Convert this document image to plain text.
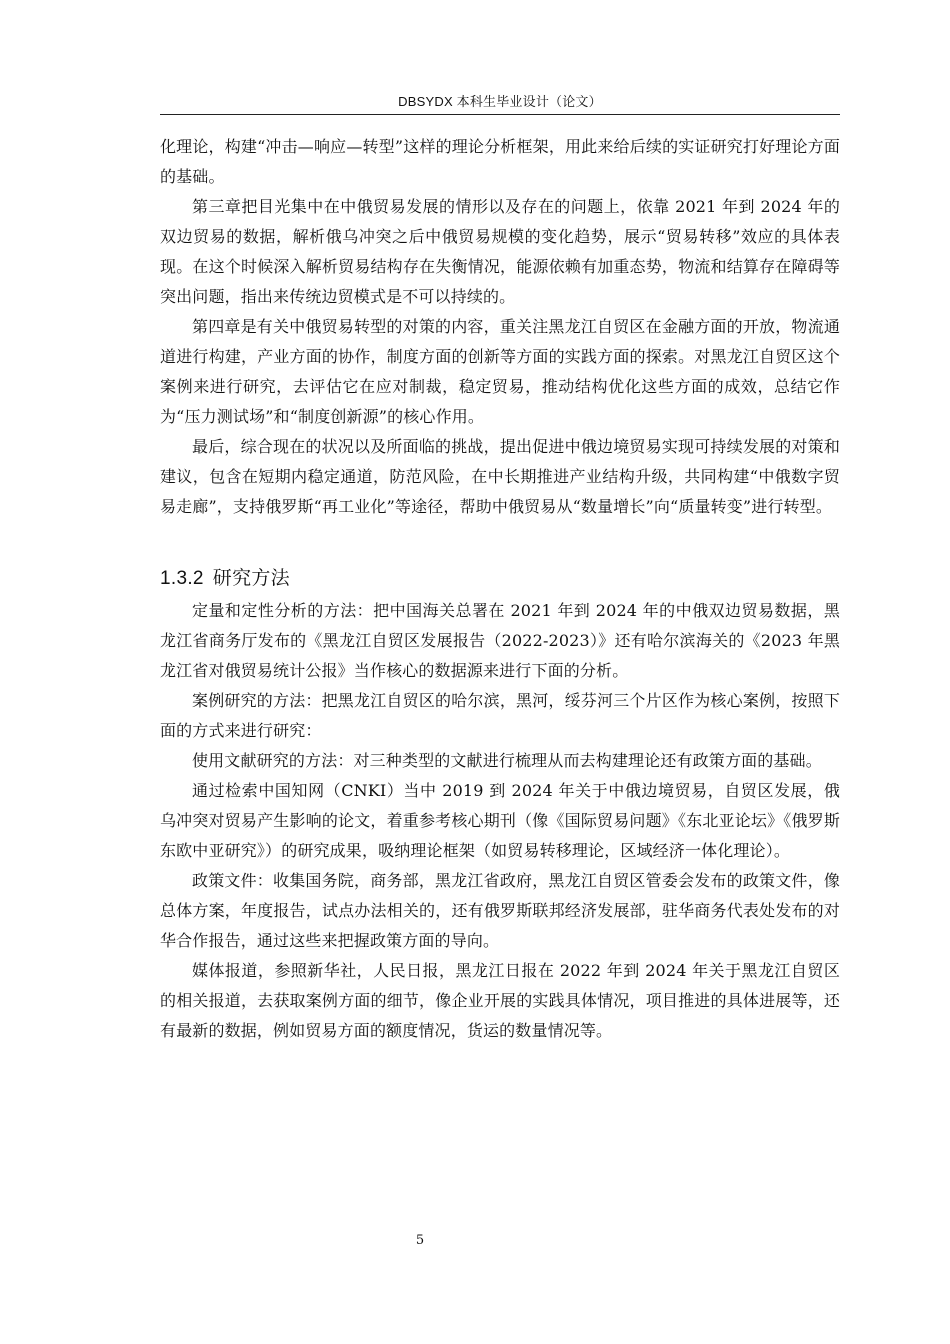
DBSYDX 本科生毕业设计（论文）

化理论，构建“冲击—响应—转型”这样的理论分析框架，用此来给后续的实证研究打好理论方面的基础。

第三章把目光集中在中俄贸易发展的情形以及存在的问题上，依靠 2021 年到 2024 年的双边贸易的数据，解析俄乌冲突之后中俄贸易规模的变化趋势，展示“贸易转移”效应的具体表现。在这个时候深入解析贸易结构存在失衡情况，能源依赖有加重态势，物流和结算存在障碍等突出问题，指出来传统边贸模式是不可以持续的。

第四章是有关中俄贸易转型的对策的内容，重关注黑龙江自贸区在金融方面的开放，物流通道进行构建，产业方面的协作，制度方面的创新等方面的实践方面的探索。对黑龙江自贸区这个案例来进行研究，去评估它在应对制裁，稳定贸易，推动结构优化这些方面的成效，总结它作为“压力测试场”和“制度创新源”的核心作用。

最后，综合现在的状况以及所面临的挑战，提出促进中俄边境贸易实现可持续发展的对策和建议，包含在短期内稳定通道，防范风险，在中长期推进产业结构升级，共同构建“中俄数字贸易走廊”，支持俄罗斯“再工业化”等途径，帮助中俄贸易从“数量增长”向“质量转变”进行转型。

1.3.2 研究方法

定量和定性分析的方法：把中国海关总署在 2021 年到 2024 年的中俄双边贸易数据，黑龙江省商务厅发布的《黑龙江自贸区发展报告（2022-2023）》还有哈尔滨海关的《2023 年黑龙江省对俄贸易统计公报》当作核心的数据源来进行下面的分析。

案例研究的方法：把黑龙江自贸区的哈尔滨，黑河，绥芬河三个片区作为核心案例，按照下面的方式来进行研究：

使用文献研究的方法：对三种类型的文献进行梳理从而去构建理论还有政策方面的基础。

通过检索中国知网（CNKI）当中 2019 到 2024 年关于中俄边境贸易，自贸区发展，俄乌冲突对贸易产生影响的论文，着重参考核心期刊（像《国际贸易问题》《东北亚论坛》《俄罗斯东欧中亚研究》）的研究成果，吸纳理论框架（如贸易转移理论，区域经济一体化理论）。

政策文件：收集国务院，商务部，黑龙江省政府，黑龙江自贸区管委会发布的政策文件，像总体方案，年度报告，试点办法相关的，还有俄罗斯联邦经济发展部，驻华商务代表处发布的对华合作报告，通过这些来把握政策方面的导向。

媒体报道，参照新华社，人民日报，黑龙江日报在 2022 年到 2024 年关于黑龙江自贸区的相关报道，去获取案例方面的细节，像企业开展的实践具体情况，项目推进的具体进展等，还有最新的数据，例如贸易方面的额度情况，货运的数量情况等。

5
